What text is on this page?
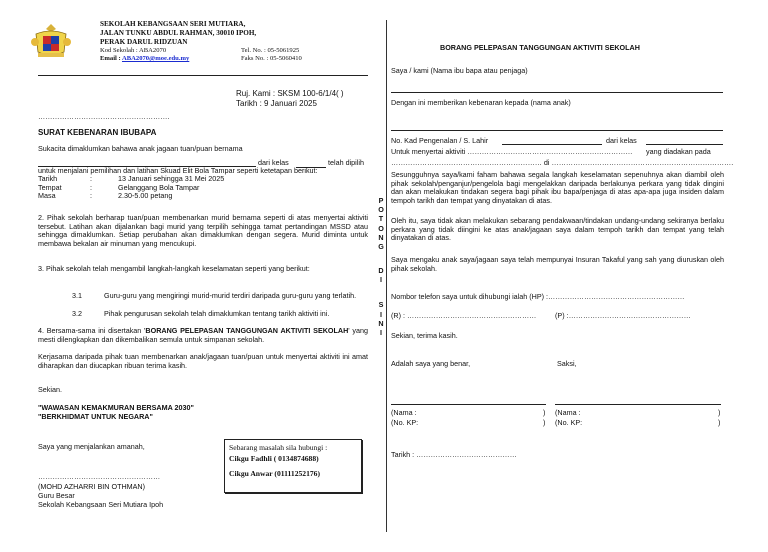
SEKOLAH KEBANGSAAN SERI MUTIARA,
JALAN TUNKU ABDUL RAHMAN, 30010 IPOH,
PERAK DARUL RIDZUAN
Kod Sekolah : ABA2070
Email : ABA2070@moe.edu.my
Tel. No. : 05-5061925
Faks No. : 05-5060410
Ruj. Kami : SKSM 100-6/1/4( )
Tarikh : 9 Januari 2025
……………………………………………….
SURAT KEBENARAN IBUBAPA
Sukacita dimaklumkan bahawa anak jagaan tuan/puan bernama
dari kelas	telah dipilih
untuk menjalani pemilihan dan latihan Skuad Elit Bola Tampar seperti ketetapan berikut:
Tarikh	:	13 Januari sehingga 31 Mei 2025
Tempat	:	Gelanggang Bola Tampar
Masa	:	2.30-5.00 petang
2. Pihak sekolah berharap tuan/puan membenarkan murid bernama seperti di atas menyertai aktiviti tersebut. Latihan akan dijalankan bagi murid yang terpilih sehingga tamat pertandingan MSSD atau sehingga dimaklumkan. Setiap perubahan akan dimaklumkan dengan segera. Murid diminta untuk membawa bekalan air minuman yang mencukupi.
3. Pihak sekolah telah mengambil langkah-langkah keselamatan seperti yang berikut:
3.1	Guru-guru yang mengiringi murid-murid terdiri daripada guru-guru yang terlatih.
3.2	Pihak pengurusan sekolah telah dimaklumkan tentang tarikh aktiviti ini.
4. Bersama-sama ini disertakan 'BORANG PELEPASAN TANGGUNGAN AKTIVITI SEKOLAH' yang mesti dilengkapkan dan dikembalikan semula untuk simpanan sekolah.
Kerjasama daripada pihak tuan membenarkan anak/jagaan tuan/puan untuk menyertai aktiviti ini amat diharapkan dan diucapkan ribuan terima kasih.
Sekian.
"WAWASAN KEMAKMURAN BERSAMA 2030"
"BERKHIDMAT UNTUK NEGARA"
Saya yang menjalankan amanah,
……………………………………………
(MOHD AZHARRI BIN OTHMAN)
Guru Besar
Sekolah Kebangsaan Seri Mutiara Ipoh
Sebarang masalah sila hubungi :
Cikgu Fadhli ( 0134874688)
Cikgu Anwar (01111252176)
P
O
T
O
N
G
D
I
S
I
N
I
BORANG PELEPASAN TANGGUNGAN AKTIVITI SEKOLAH
Saya / kami (Nama ibu bapa atau penjaga)
Dengan ini memberikan kebenaran kepada (nama anak)
No. Kad Pengenalan / S. Lahir	dari kelas
Untuk menyertai aktiviti …………………………………………………………… yang diadakan pada
……………………………………………………… di ………………………………………………………………….
Sesungguhnya saya/kami faham bahawa segala langkah keselamatan sepenuhnya akan diambil oleh pihak sekolah/penganjur/pengelola bagi mengelakkan daripada berlakunya perkara yang tidak dingini dan akan melakukan tindakan segera bagi pihak ibu bapa/penjaga di atas apa-apa juga insiden dalam tempoh tarikh dan tempat yang dinyatakan di atas.
Oleh itu, saya tidak akan melakukan sebarang pendakwaan/tindakan undang-undang sekiranya berlaku perkara yang tidak diingini ke atas anak/jagaan saya dalam tempoh tarikh dan tempat yang telah dinyatakan di atas.
Saya mengaku anak saya/jagaan saya telah mempunyai Insuran Takaful yang sah yang diuruskan oleh pihak sekolah.
Nombor telefon saya untuk dihubungi ialah (HP) :…………………………………………………
(R) : ………………………………………………	(P) :……………………………………………
Sekian, terima kasih.
Adalah saya yang benar,	Saksi,
(Nama :	)
(No. KP:	)
(Nama :	)
(No. KP:	)
Tarikh : ……………………………………
